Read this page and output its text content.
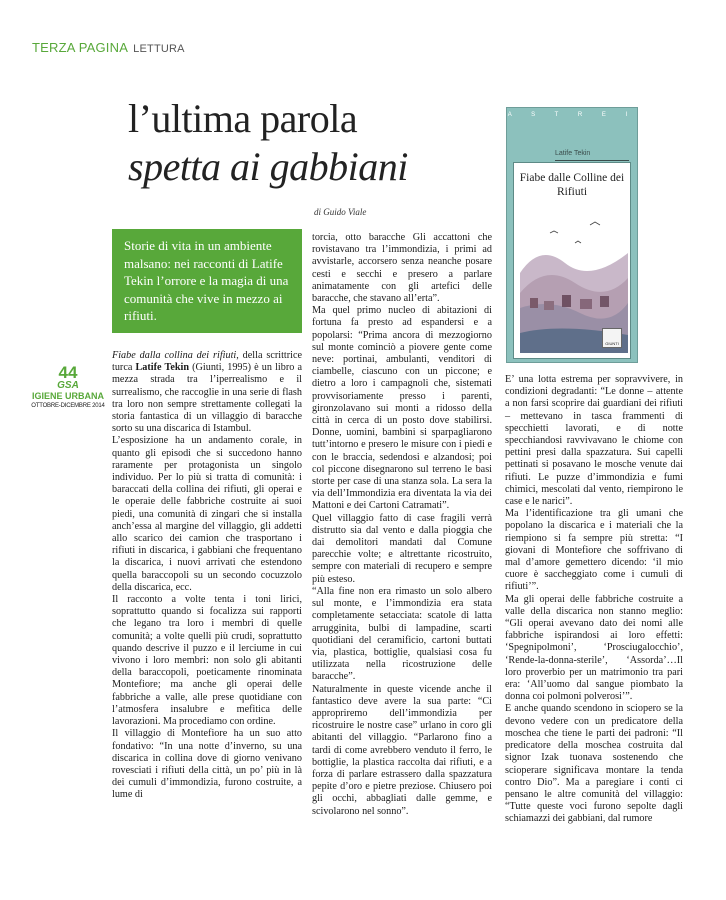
TERZA PAGINA LETTURA
l’ultima parola
spetta ai gabbiani
di Guido Viale
Storie di vita in un ambiente malsano: nei racconti di Latife Tekin l’orrore e la magia di una comunità che vive in mezzo ai rifiuti.
44
GSA
IGIENE URBANA
OTTOBRE-DICEMBRE 2014
A S T R E I
Latife Tekin
Fiabe dalle Colline dei Rifiuti
GIUNTI

Fiabe dalla collina dei rifiuti, della scrittrice turca Latife Tekin (Giunti, 1995) è un libro a mezza strada tra l’iperrealismo e il surrealismo, che raccoglie in una serie di flash tra loro non sempre strettamente collegati la storia fantastica di un villaggio di baracche sorto su una discarica di Istambul.

L’esposizione ha un andamento corale, in quanto gli episodi che si succedono hanno raramente per protagonista un singolo individuo. Per lo più si tratta di comunità: i baraccati della collina dei rifiuti, gli operai e le operaie delle fabbriche costruite ai suoi piedi, una comunità di zingari che si installa anch’essa al margine del villaggio, gli addetti allo scarico dei camion che trasportano i rifiuti in discarica, i gabbiani che frequentano la discarica, i nuovi arrivati che estendono quella baraccopoli su un secondo cocuzzolo della discarica, ecc.

Il racconto a volte tenta i toni lirici, soprattutto quando si focalizza sui rapporti che legano tra loro i membri di quelle comunità; a volte quelli più crudi, soprattutto quando descrive il puzzo e il lerciume in cui vivono i loro membri: non solo gli abitanti della baraccopoli, poeticamente rinominata Montefiore; ma anche gli operai delle fabbriche a valle, alle prese quotidiane con l’atmosfera insalubre e mefitica delle lavorazioni. Ma procediamo con ordine.

Il villaggio di Montefiore ha un suo atto fondativo: “In una notte d’inverno, su una discarica in collina dove di giorno venivano rovesciati i rifiuti della città, un po’ più in là dei cumuli d’immondizia, furono costruite, a lume di

torcia, otto baracche Gli accattoni che rovistavano tra l’immondizia, i primi ad avvistarle, accorsero senza neanche posare cesti e secchi e presero a parlare animatamente con gli artefici delle baracche, che stavano all’erta”.

Ma quel primo nucleo di abitazioni di fortuna fa presto ad espandersi e a popolarsi: “Prima ancora di mezzogiorno sul monte cominciò a piovere gente come neve: portinai, ambulanti, venditori di ciambelle, ciascuno con un piccone; e dietro a loro i campagnoli che, sistemati provvisoriamente presso i parenti, gironzolavano sui monti a ridosso della città in cerca di un posto dove stabilirsi. Donne, uomini, bambini si sparpagliarono tutt’intorno e presero le misure con i piedi e con le braccia, sedendosi e alzandosi; poi col piccone disegnarono sul terreno le basi storte per case di una stanza sola. La sera la via dell’Immondizia era diventata la via dei Mattoni e dei Cartoni Catramati”.

Quel villaggio fatto di case fragili verrà distrutto sia dal vento e dalla pioggia che dai demolitori mandati dal Comune parecchie volte; e altrettante ricostruito, sempre con materiali di recupero e sempre più esteso.

“Alla fine non era rimasto un solo albero sul monte, e l’immondizia era stata completamente setacciata: scatole di latta arrugginita, bulbi di lampadine, scarti quotidiani del ceramificio, cartoni buttati via, plastica, bottiglie, qualsiasi cosa fu utilizzata nella ricostruzione delle baracche”.

Naturalmente in queste vicende anche il fantastico deve avere la sua parte: “Ci appropriremo dell’immondizia per ricostruire le nostre case” urlano in coro gli abitanti del villaggio. “Parlarono fino a tardi di come avrebbero venduto il ferro, le bottiglie, la plastica raccolta dai rifiuti, e a forza di parlare estrassero dalla spazzatura pepite d’oro e pietre preziose. Chiusero poi gli occhi, abbagliati dalle gemme, e scivolarono nel sonno”.

E’ una lotta estrema per sopravvivere, in condizioni degradanti: “Le donne – attente a non farsi scoprire dai guardiani dei rifiuti – mettevano in tasca frammenti di specchietti lavorati, e di notte specchiandosi ravvivavano le chiome con pettini presi dalla spazzatura. Sui capelli pettinati si posavano le mosche venute dai rifiuti. Le puzze d’immondizia e fumi chimici, mescolati dal vento, riempirono le case e le narici”.

Ma l’identificazione tra gli umani che popolano la discarica e i materiali che la riempiono si fa sempre più stretta: “I giovani di Montefiore che soffrivano di mal d’amore gemettero dicendo: ‘il mio cuore è saccheggiato come i cumuli di rifiuti’”.

Ma gli operai delle fabbriche costruite a valle della discarica non stanno meglio: “Gli operai avevano dato dei nomi alle fabbriche ispirandosi ai loro effetti: ‘Spegnipolmoni’, ‘Prosciugalocchio’, ‘Rende-la-donna-sterile’, ‘Assorda’…Il loro proverbio per un matrimonio tra pari era: ‘All’uomo dal sangue piombato la donna coi polmoni polverosi’”.

E anche quando scendono in sciopero se la devono vedere con un predicatore della moschea che tiene le parti dei padroni: “Il predicatore della moschea costruita dal signor Izak tuonava sostenendo che scioperare significava montare la tenda contro Dio”. Ma a paregiare i conti ci pensano le altre comunità del villaggio: “Tutte queste voci furono sepolte dagli schiamazzi dei gabbiani, dal rumore
